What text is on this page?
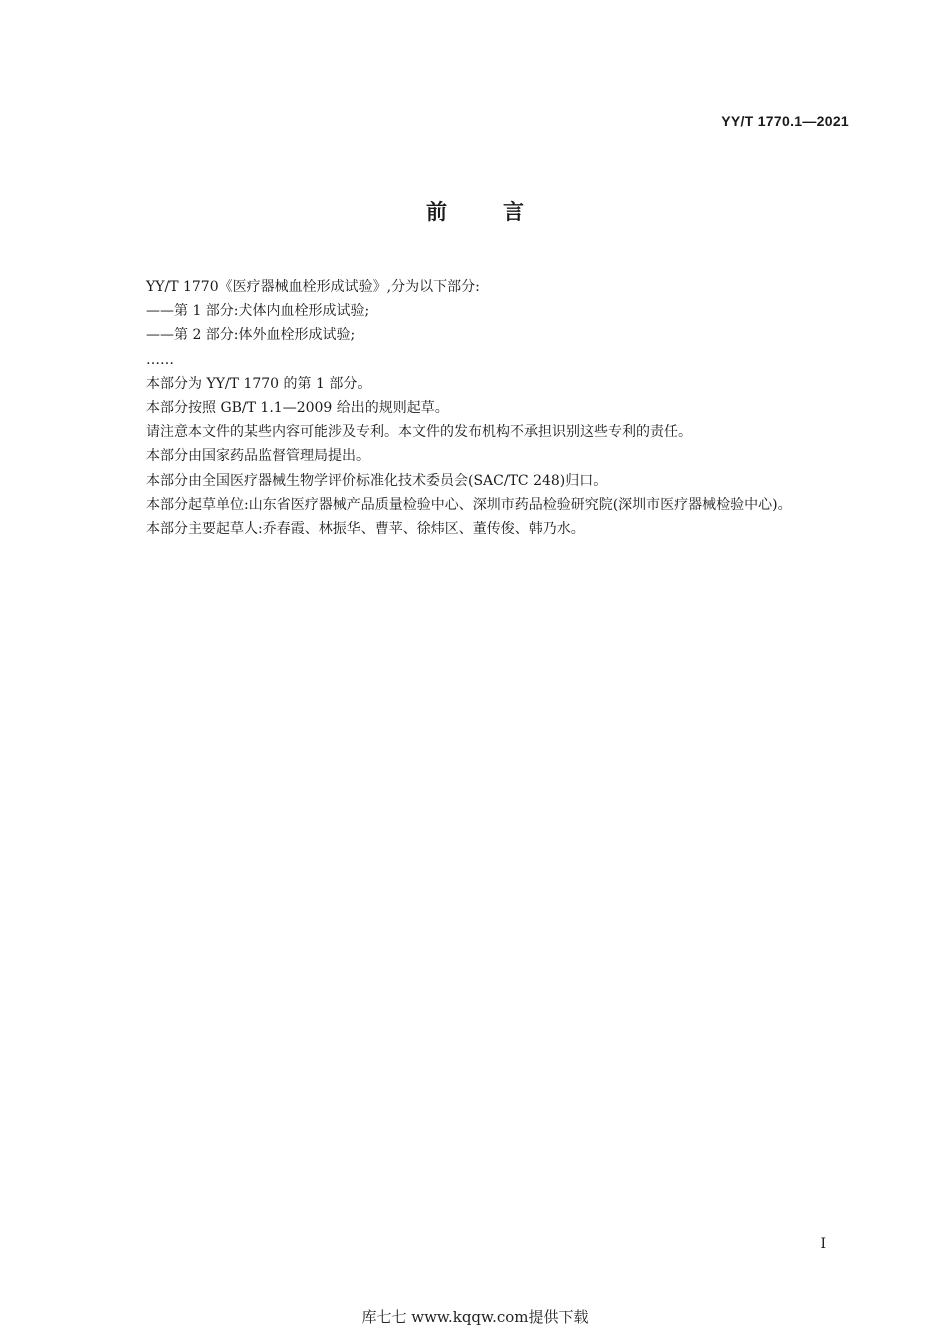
YY/T 1770.1—2021
前言

YY/T 1770《医疗器械血栓形成试验》,分为以下部分:

——第 1 部分:犬体内血栓形成试验;

——第 2 部分:体外血栓形成试验;

……

本部分为 YY/T 1770 的第 1 部分。

本部分按照 GB/T 1.1—2009 给出的规则起草。

请注意本文件的某些内容可能涉及专利。本文件的发布机构不承担识别这些专利的责任。

本部分由国家药品监督管理局提出。

本部分由全国医疗器械生物学评价标准化技术委员会(SAC/TC 248)归口。

本部分起草单位:山东省医疗器械产品质量检验中心、深圳市药品检验研究院(深圳市医疗器械检验中心)。

本部分主要起草人:乔春霞、林振华、曹苹、徐炜区、董传俊、韩乃水。

I
库七七 www.kqqw.com提供下载
